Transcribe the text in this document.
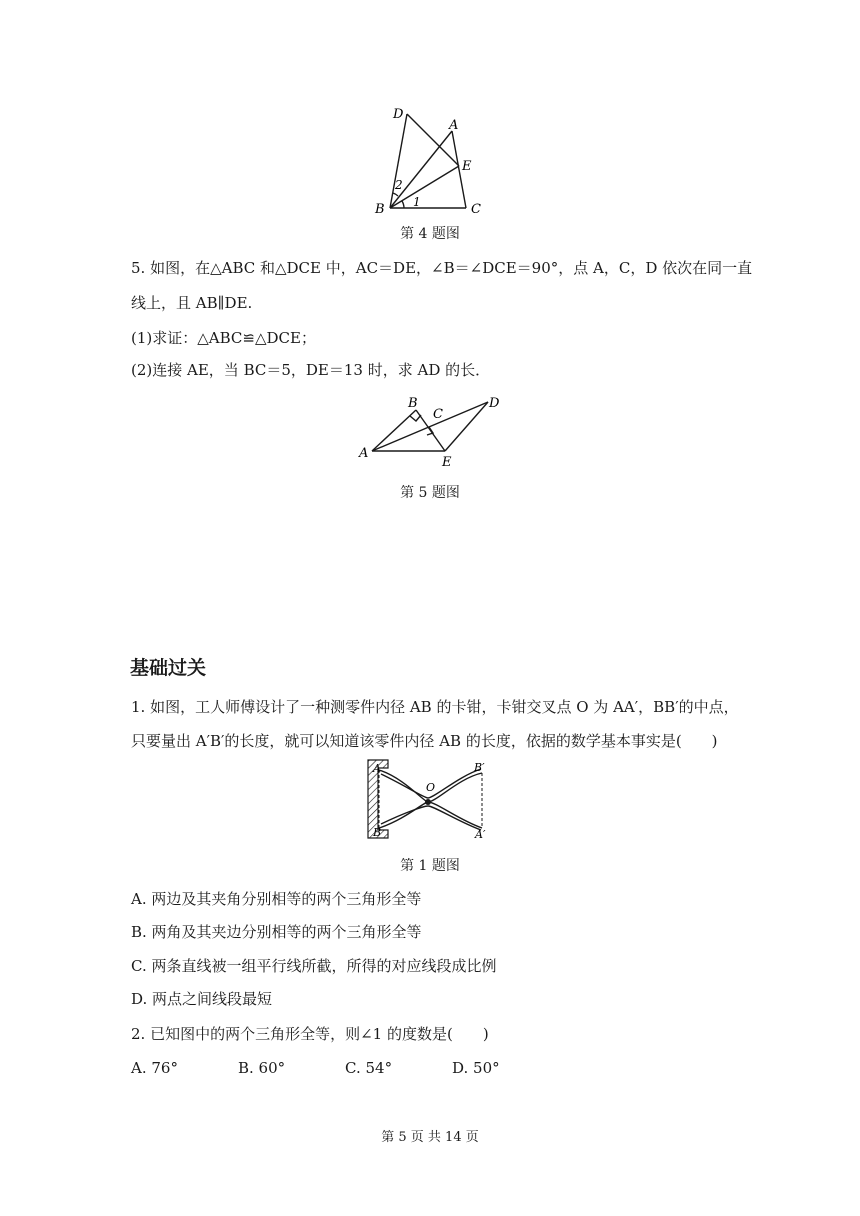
D
A
E
B	C
1
2
第 4 题图
5. 如图，在△ABC 和△DCE 中，AC＝DE，∠B＝∠DCE＝90°，点 A，C，D 依次在同一直
线上，且 AB∥DE.
(1)求证：△ABC≌△DCE；
(2)连接 AE，当 BC＝5，DE＝13 时，求 AD 的长．
B
C
D
A
E
第 5 题图
基础过关
1. 如图，工人师傅设计了一种测零件内径 AB 的卡钳，卡钳交叉点 O 为 AA′，BB′的中点，
只要量出 A′B′的长度，就可以知道该零件内径 AB 的长度，依据的数学基本事实是(　　)
A	B′
O
B	A′
第 1 题图
A. 两边及其夹角分别相等的两个三角形全等
B. 两角及其夹边分别相等的两个三角形全等
C. 两条直线被一组平行线所截，所得的对应线段成比例
D. 两点之间线段最短
2. 已知图中的两个三角形全等，则∠1 的度数是(　　)
A. 76°	B. 60°	C. 54°	D. 50°
第 5 页 共 14 页
